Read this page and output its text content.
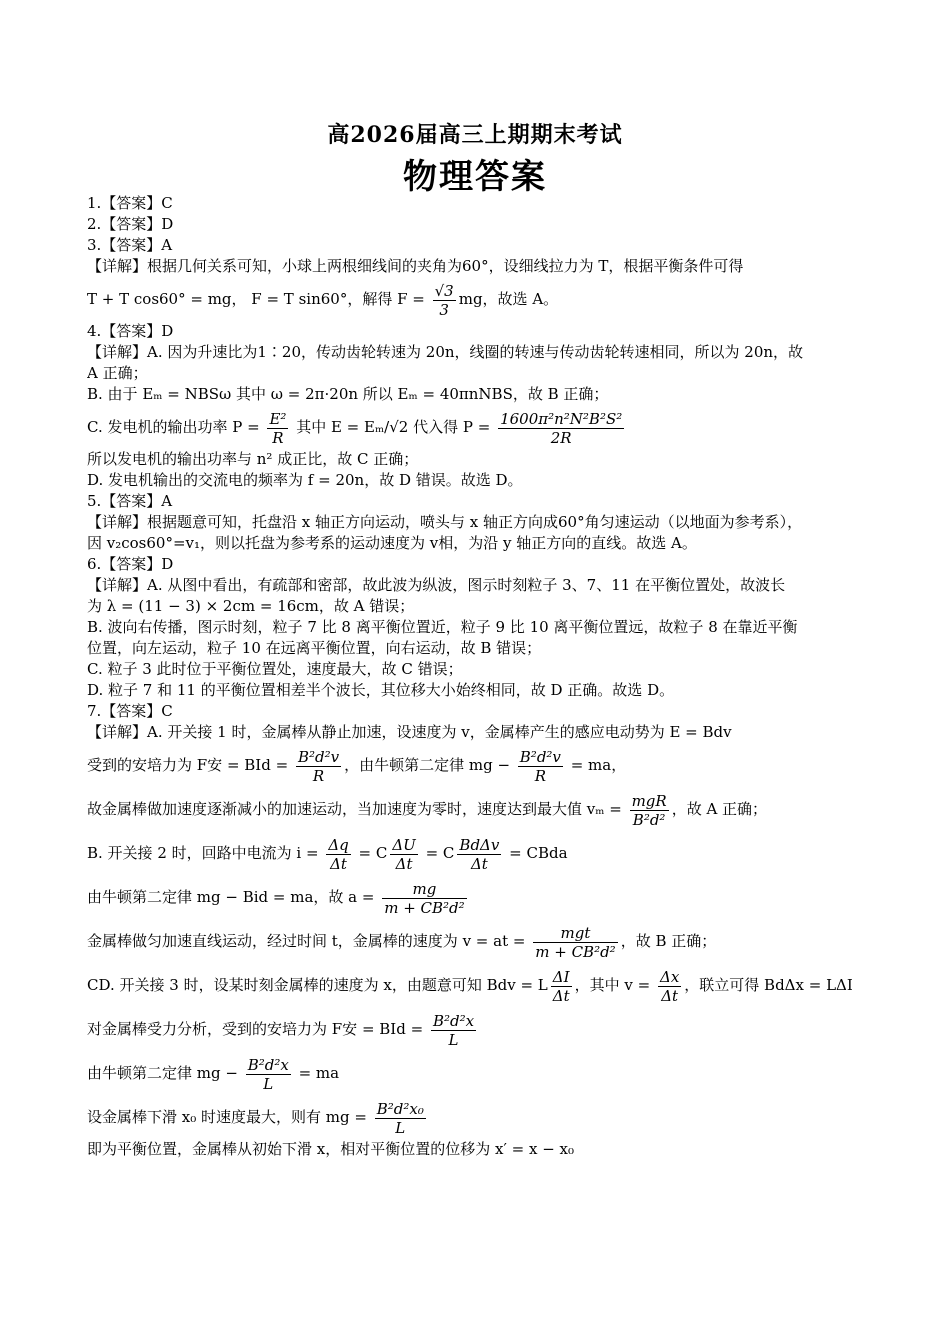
高2026届高三上期期末考试
物理答案
1.【答案】C
2.【答案】D
3.【答案】A
【详解】根据几何关系可知，小球上两根细线间的夹角为60°，设细线拉力为 T，根据平衡条件可得
T + T cos60° = mg， F = T sin60°，解得 $F = \frac{√3}{3}$ mg，故选 A。
4.【答案】D
【详解】A. 因为升速比为1∶20，传动齿轮转速为 20n，线圈的转速与传动齿轮转速相同，所以为 20n，故
A 正确；
B. 由于 Eₘ = NBSω 其中 ω = 2π·20n 所以 Eₘ = 40πnNBS，故 B 正确；
C. 发电机的输出功率 $P = \frac{\text{E²}}{R}$ 其中 E = Eₘ/√2 代入得 $P = \frac{\text{1600π²n²N²B²S²}}{2R}$
所以发电机的输出功率与 n² 成正比，故 C 正确；
D. 发电机输出的交流电的频率为 f = 20n，故 D 错误。故选 D。
5.【答案】A
【详解】根据题意可知，托盘沿 x 轴正方向运动，喷头与 x 轴正方向成60°角匀速运动（以地面为参考系），
因 v₂cos60°=v₁，则以托盘为参考系的运动速度为 v相，为沿 y 轴正方向的直线。故选 A。
6.【答案】D
【详解】A. 从图中看出，有疏部和密部，故此波为纵波，图示时刻粒子 3、7、11 在平衡位置处，故波长
为 λ = (11 − 3) × 2cm = 16cm，故 A 错误；
B. 波向右传播，图示时刻，粒子 7 比 8 离平衡位置近，粒子 9 比 10 离平衡位置远，故粒子 8 在靠近平衡
位置，向左运动，粒子 10 在远离平衡位置，向右运动，故 B 错误；
C. 粒子 3 此时位于平衡位置处，速度最大，故 C 错误；
D. 粒子 7 和 11 的平衡位置相差半个波长，其位移大小始终相同，故 D 正确。故选 D。
7.【答案】C
【详解】A. 开关接 1 时，金属棒从静止加速，设速度为 v，金属棒产生的感应电动势为 E = Bdv
受到的安培力为 F安 = BId = $\frac{\text{B²d²v}}{R}$ ，由牛顿第二定律 mg − $\frac{\text{B²d²v}}{R}$ = ma，
故金属棒做加速度逐渐减小的加速运动，当加速度为零时，速度达到最大值 $v_m = \frac{\text{mgR}}{\text{B²d²}}$ ，故 A 正确；
B. 开关接 2 时，回路中电流为 $i = \frac{\Delta q}{\Delta t} = C \frac{\Delta U}{\Delta t} = C \frac{\text{BdΔv}}{\Delta t}$ = CBda
由牛顿第二定律 mg − Bid = ma，故 $a = \frac{mg}{\text{m + CB²d²}}$
金属棒做匀加速直线运动，经过时间 t，金属棒的速度为 v = at = $\frac{\text{mgt}}{\text{m + CB²d²}}$ ，故 B 正确；
CD. 开关接 3 时，设某时刻金属棒的速度为 x，由题意可知 Bdv = L $\frac{\Delta I}{\Delta t}$ ，其中 $v = \frac{\Delta x}{\Delta t}$ ，联立可得 BdΔx = LΔI
对金属棒受力分析，受到的安培力为 F安 = BId = $\frac{\text{B²d²x}}{L}$
由牛顿第二定律 mg − $\frac{\text{B²d²x}}{L}$ = ma
设金属棒下滑 x₀ 时速度最大，则有 mg = $\frac{\text{B²d²x₀}}{L}$
即为平衡位置，金属棒从初始下滑 x，相对平衡位置的位移为 x′ = x − x₀
